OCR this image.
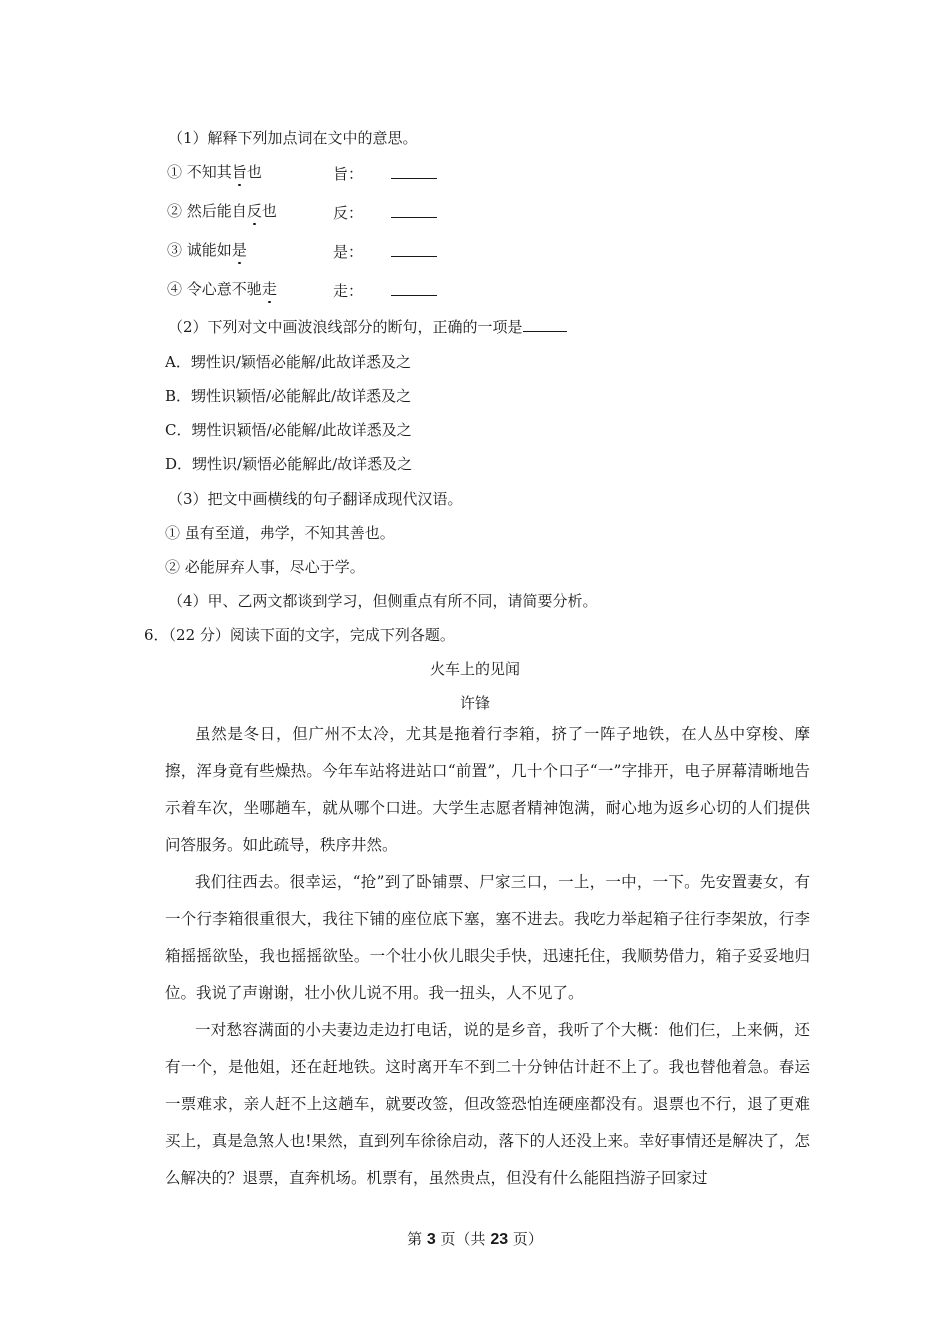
（1）解释下列加点词在文中的意思。
① 不知其旨也	旨：
② 然后能自反也	反：
③ 诚能如是	是：
④ 令心意不驰走	走：
（2）下列对文中画波浪线部分的断句，正确的一项是
A．甥性识/颖悟必能解/此故详悉及之
B．甥性识颖悟/必能解此/故详悉及之
C．甥性识颖悟/必能解/此故详悉及之
D．甥性识/颖悟必能解此/故详悉及之
（3）把文中画横线的句子翻译成现代汉语。
① 虽有至道，弗学，不知其善也。
② 必能屏弃人事，尽心于学。
（4）甲、乙两文都谈到学习，但侧重点有所不同，请简要分析。
6．（22 分）阅读下面的文字，完成下列各题。
火车上的见闻
许锋

虽然是冬日，但广州不太冷，尤其是拖着行李箱，挤了一阵子地铁，在人丛中穿梭、摩擦，浑身竟有些燥热。今年车站将进站口“前置”，几十个口子“一”字排开，电子屏幕清晰地告示着车次，坐哪趟车，就从哪个口进。大学生志愿者精神饱满，耐心地为返乡心切的人们提供问答服务。如此疏导，秩序井然。

我们往西去。很幸运，“抢”到了卧铺票、尸家三口，一上，一中，一下。先安置妻女，有一个行李箱很重很大，我往下铺的座位底下塞，塞不进去。我吃力举起箱子往行李架放，行李箱摇摇欲坠，我也摇摇欲坠。一个壮小伙儿眼尖手快，迅速托住，我顺势借力，箱子妥妥地归位。我说了声谢谢，壮小伙儿说不用。我一扭头，人不见了。

一对愁容满面的小夫妻边走边打电话，说的是乡音，我听了个大概：他们仨，上来俩，还有一个，是他姐，还在赶地铁。这时离开车不到二十分钟估计赶不上了。我也替他着急。春运一票难求，亲人赶不上这趟车，就要改签，但改签恐怕连硬座都没有。退票也不行，退了更难买上，真是急煞人也!果然，直到列车徐徐启动，落下的人还没上来。幸好事情还是解决了，怎么解决的？退票，直奔机场。机票有，虽然贵点，但没有什么能阻挡游子回家过

第 3 页（共 23 页）
